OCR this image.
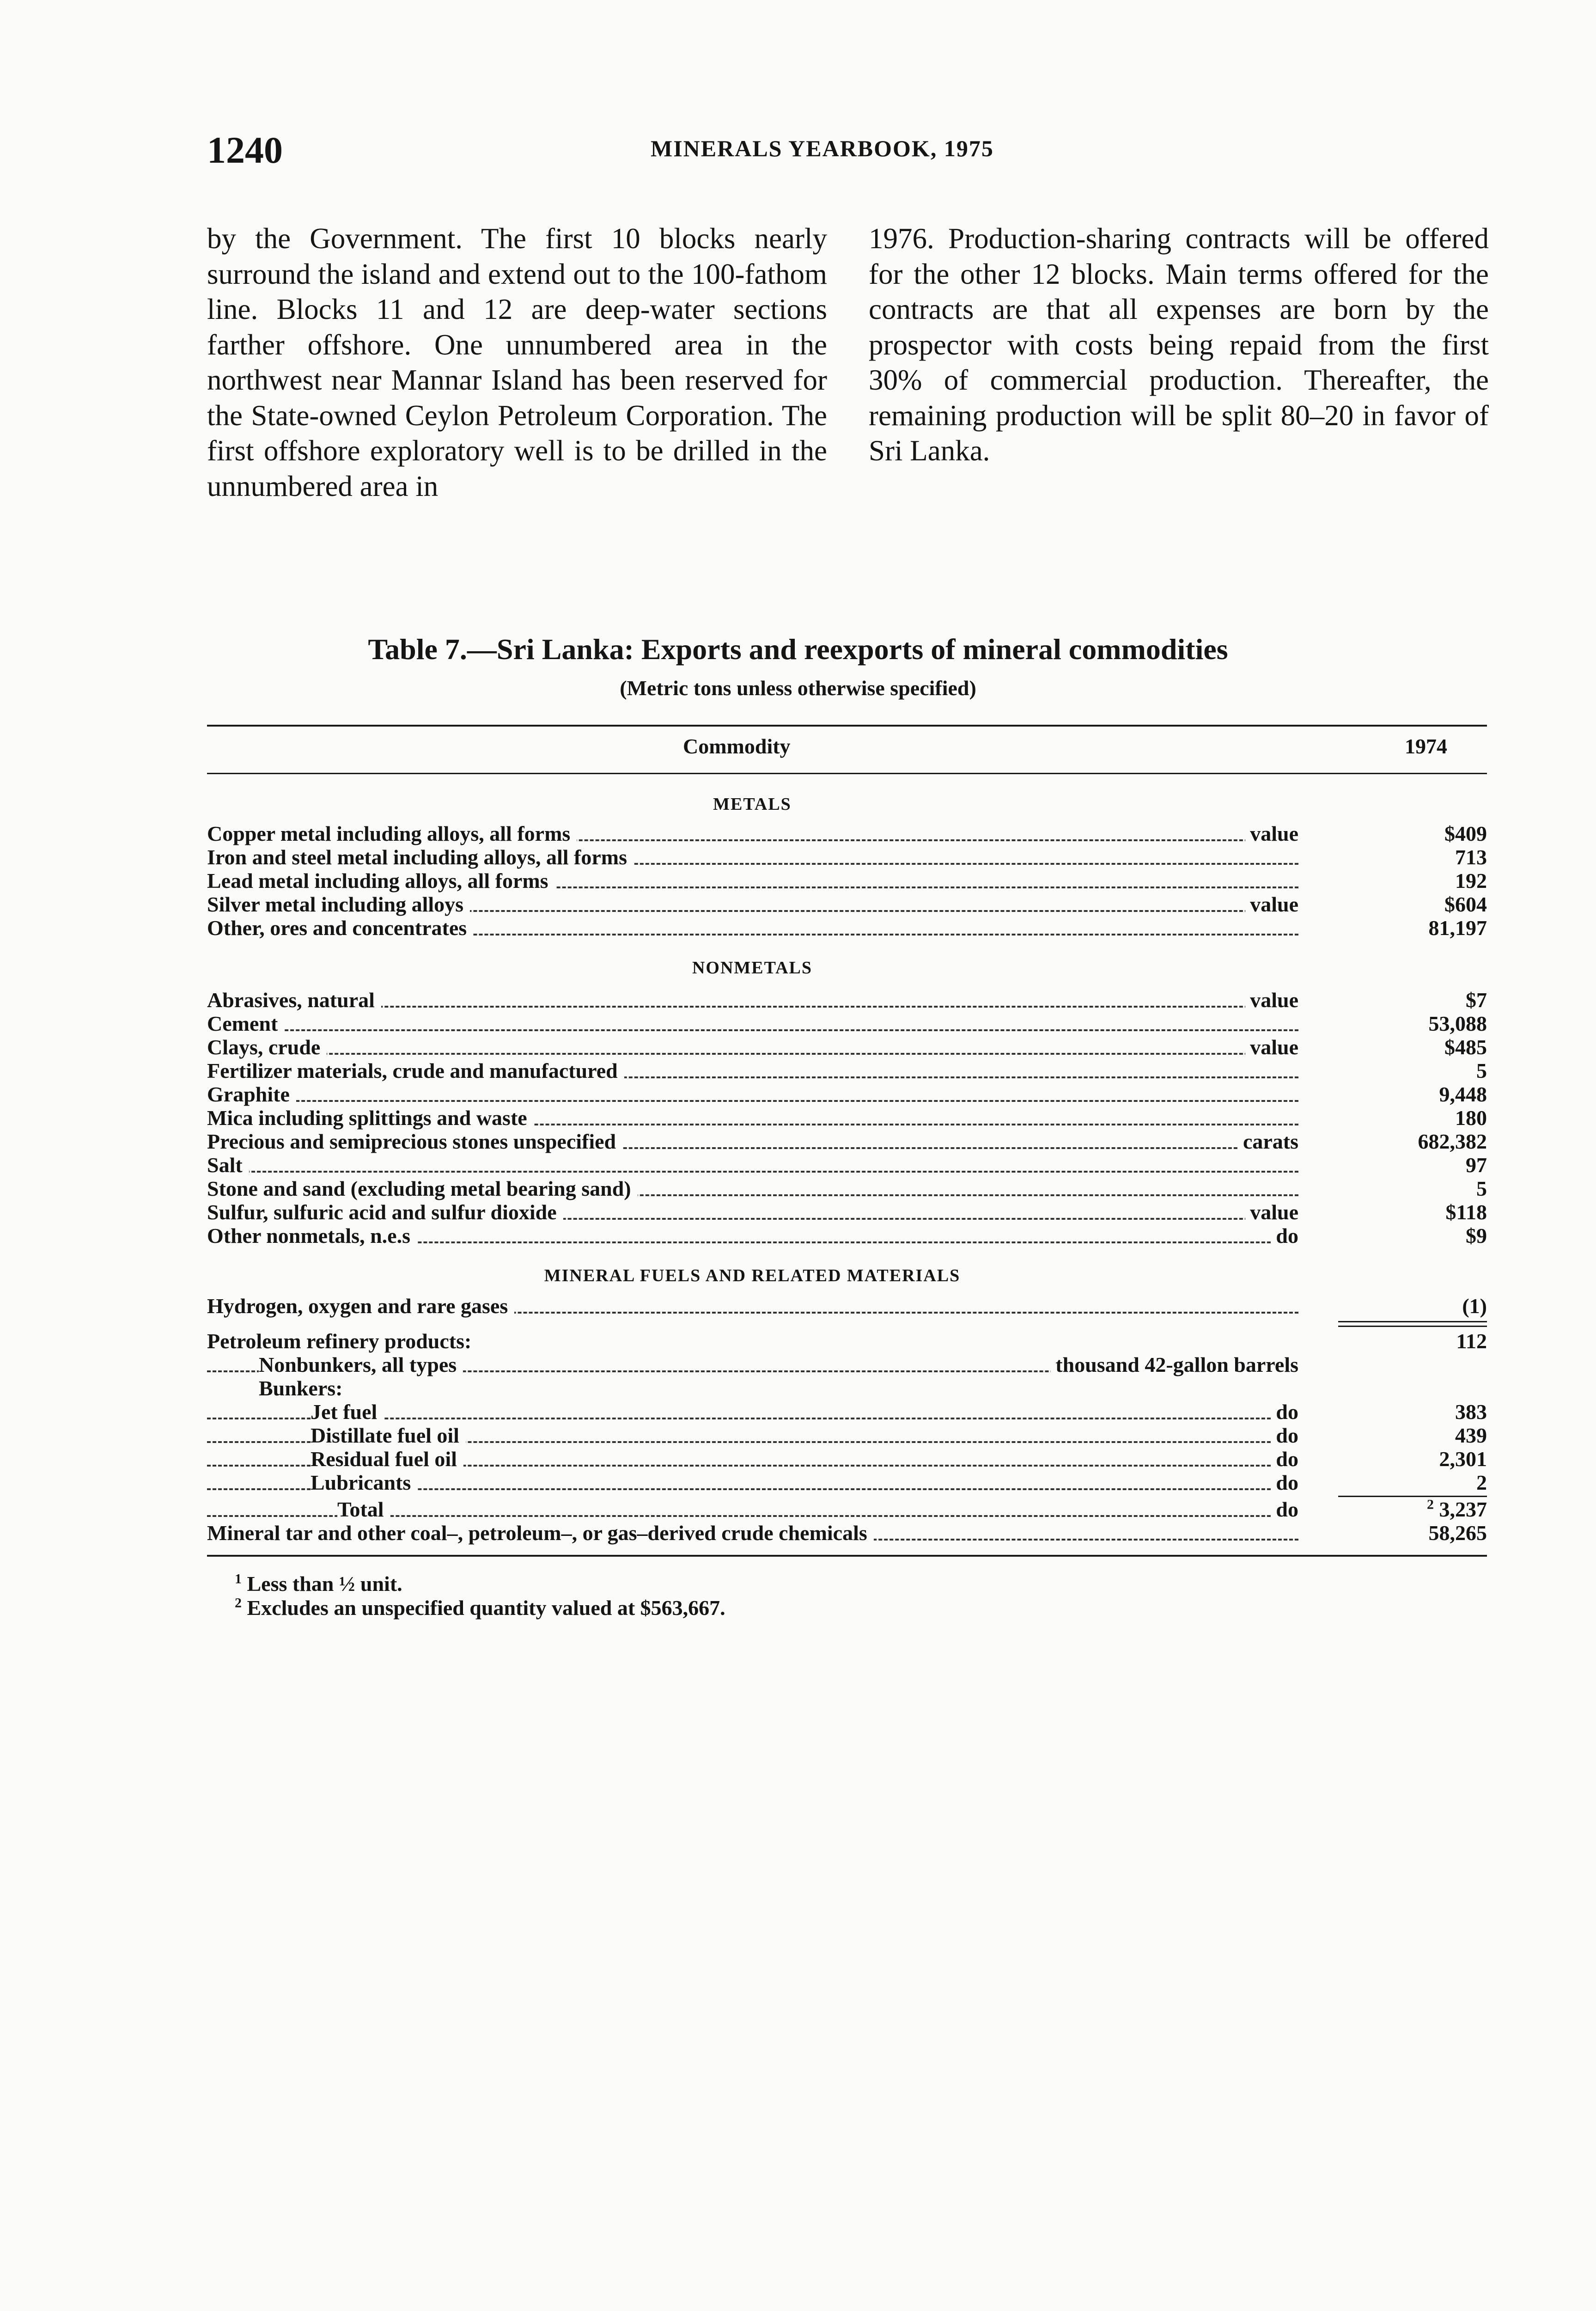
1240	MINERALS YEARBOOK, 1975

by the Government. The first 10 blocks nearly surround the island and extend out to the 100-fathom line. Blocks 11 and 12 are deep-water sections farther offshore. One unnumbered area in the northwest near Mannar Island has been reserved for the State-owned Ceylon Petroleum Corporation. The first offshore exploratory well is to be drilled in the unnumbered area in

1976. Production-sharing contracts will be offered for the other 12 blocks. Main terms offered for the contracts are that all expenses are born by the prospector with costs being repaid from the first 30% of commercial production. Thereafter, the remaining production will be split 80–20 in favor of Sri Lanka.

Table 7.—Sri Lanka: Exports and reexports of mineral commodities
(Metric tons unless otherwise specified)
Commodity	1974
METALS
Copper metal including alloys, all forms	value	$409
Iron and steel metal including alloys, all forms	713
Lead metal including alloys, all forms	192
Silver metal including alloys	value	$604
Other, ores and concentrates	81,197
NONMETALS
Abrasives, natural	value	$7
Cement	53,088
Clays, crude	value	$485
Fertilizer materials, crude and manufactured	5
Graphite	9,448
Mica including splittings and waste	180
Precious and semiprecious stones unspecified	carats	682,382
Salt	97
Stone and sand (excluding metal bearing sand)	5
Sulfur, sulfuric acid and sulfur dioxide	value	$118
Other nonmetals, n.e.s	do	$9
MINERAL FUELS AND RELATED MATERIALS
Hydrogen, oxygen and rare gases	(1)
Petroleum refinery products:	112
Nonbunkers, all types	thousand 42-gallon barrels
Bunkers:
Jet fuel	do	383
Distillate fuel oil	do	439
Residual fuel oil	do	2,301
Lubricants	do	2
Total	do	$^2$ 3,237
Mineral tar and other coal–, petroleum–, or gas–derived crude chemicals	58,265
$^1$ Less than ½ unit.
$^2$ Excludes an unspecified quantity valued at $563,667.
